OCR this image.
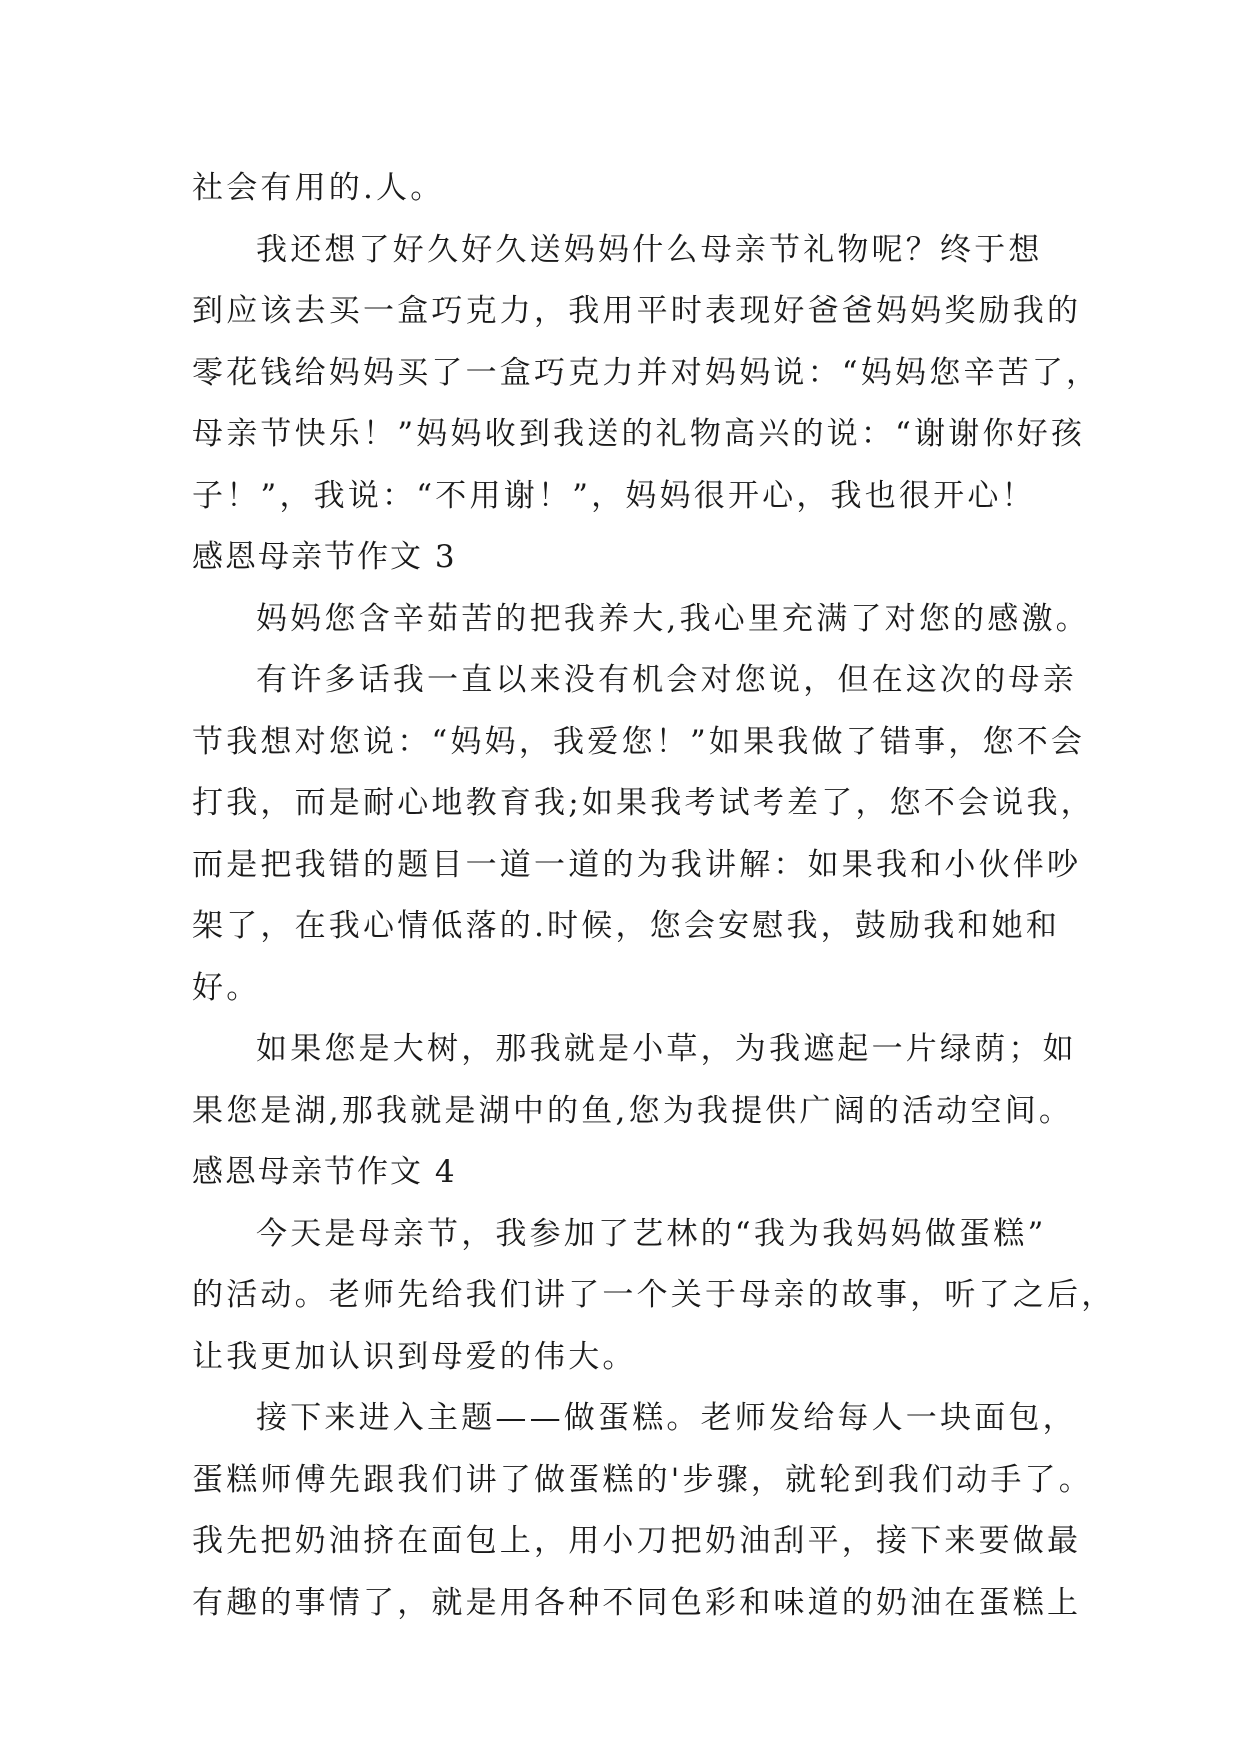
社会有用的.人。

我还想了好久好久送妈妈什么母亲节礼物呢？终于想
到应该去买一盒巧克力，我用平时表现好爸爸妈妈奖励我的
零花钱给妈妈买了一盒巧克力并对妈妈说：“妈妈您辛苦了，
母亲节快乐！”妈妈收到我送的礼物高兴的说：“谢谢你好孩
子！”，我说：“不用谢！”，妈妈很开心，我也很开心！

感恩母亲节作文 3

妈妈您含辛茹苦的把我养大,我心里充满了对您的感激。

有许多话我一直以来没有机会对您说，但在这次的母亲
节我想对您说：“妈妈，我爱您！”如果我做了错事，您不会
打我，而是耐心地教育我;如果我考试考差了，您不会说我，
而是把我错的题目一道一道的为我讲解：如果我和小伙伴吵
架了，在我心情低落的.时候，您会安慰我，鼓励我和她和
好。

如果您是大树，那我就是小草，为我遮起一片绿荫；如
果您是湖,那我就是湖中的鱼,您为我提供广阔的活动空间。

感恩母亲节作文 4

今天是母亲节，我参加了艺林的“我为我妈妈做蛋糕”
的活动。老师先给我们讲了一个关于母亲的故事，听了之后，
让我更加认识到母爱的伟大。

接下来进入主题——做蛋糕。老师发给每人一块面包，
蛋糕师傅先跟我们讲了做蛋糕的'步骤，就轮到我们动手了。
我先把奶油挤在面包上，用小刀把奶油刮平，接下来要做最
有趣的事情了，就是用各种不同色彩和味道的奶油在蛋糕上
